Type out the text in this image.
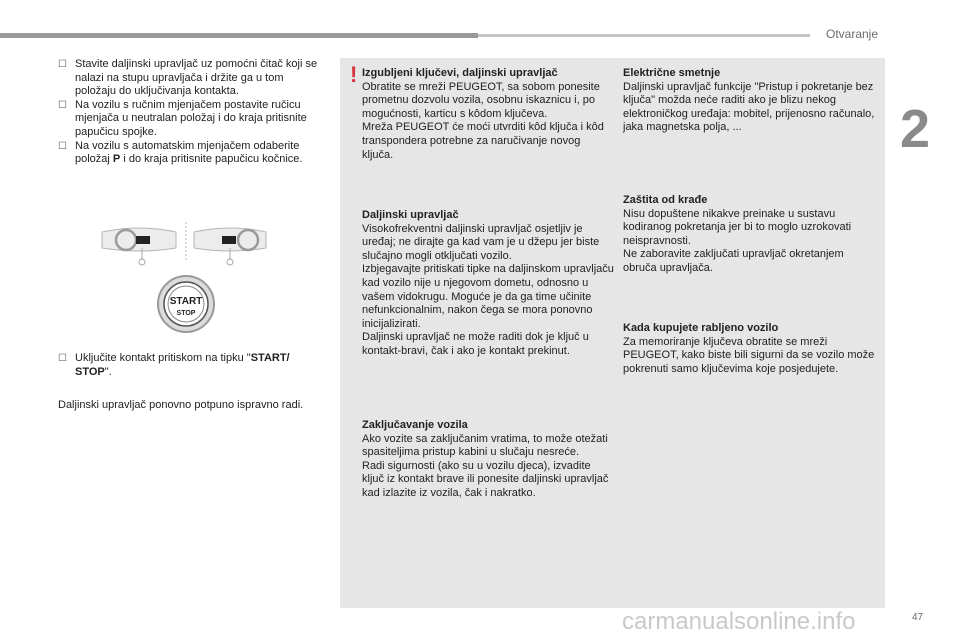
Otvaranje
2
47
☐ Stavite daljinski upravljač uz pomoćni čitač koji se nalazi na stupu upravljača i držite ga u tom položaju do uključivanja kontakta.
☐ Na vozilu s ručnim mjenjačem postavite ručicu mjenjača u neutralan položaj i do kraja pritisnite papučicu spojke.
☐ Na vozilu s automatskim mjenjačem odaberite položaj P i do kraja pritisnite papučicu kočnice.
START
STOP
☐ Uključite kontakt pritiskom na tipku "START/ STOP".
Daljinski upravljač ponovno potpuno ispravno radi.
! Izgubljeni ključevi, daljinski upravljač
Obratite se mreži PEUGEOT, sa sobom ponesite prometnu dozvolu vozila, osobnu iskaznicu i, po mogućnosti, karticu s kôdom ključeva.
Mreža PEUGEOT će moći utvrditi kôd ključa i kôd transpondera potrebne za naručivanje novog ključa.
Daljinski upravljač
Visokofrekventni daljinski upravljač osjetljiv je uređaj; ne dirajte ga kad vam je u džepu jer biste slučajno mogli otključati vozilo.
Izbjegavajte pritiskati tipke na daljinskom upravljaču kad vozilo nije u njegovom dometu, odnosno u vašem vidokrugu. Moguće je da ga time učinite nefunkcionalnim, nakon čega se mora ponovno inicijalizirati.
Daljinski upravljač ne može raditi dok je ključ u kontakt-bravi, čak i ako je kontakt prekinut.
Zaključavanje vozila
Ako vozite sa zaključanim vratima, to može otežati spasiteljima pristup kabini u slučaju nesreće.
Radi sigurnosti (ako su u vozilu djeca), izvadite ključ iz kontakt brave ili ponesite daljinski upravljač kad izlazite iz vozila, čak i nakratko.
Električne smetnje
Daljinski upravljač funkcije "Pristup i pokretanje bez ključa" možda neće raditi ako je blizu nekog elektroničkog uređaja: mobitel, prijenosno računalo, jaka magnetska polja, ...
Zaštita od krađe
Nisu dopuštene nikakve preinake u sustavu kodiranog pokretanja jer bi to moglo uzrokovati neispravnosti.
Ne zaboravite zaključati upravljač okretanjem obruča upravljača.
Kada kupujete rabljeno vozilo
Za memoriranje ključeva obratite se mreži PEUGEOT, kako biste bili sigurni da se vozilo može pokrenuti samo ključevima koje posjedujete.
carmanualsonline.info
